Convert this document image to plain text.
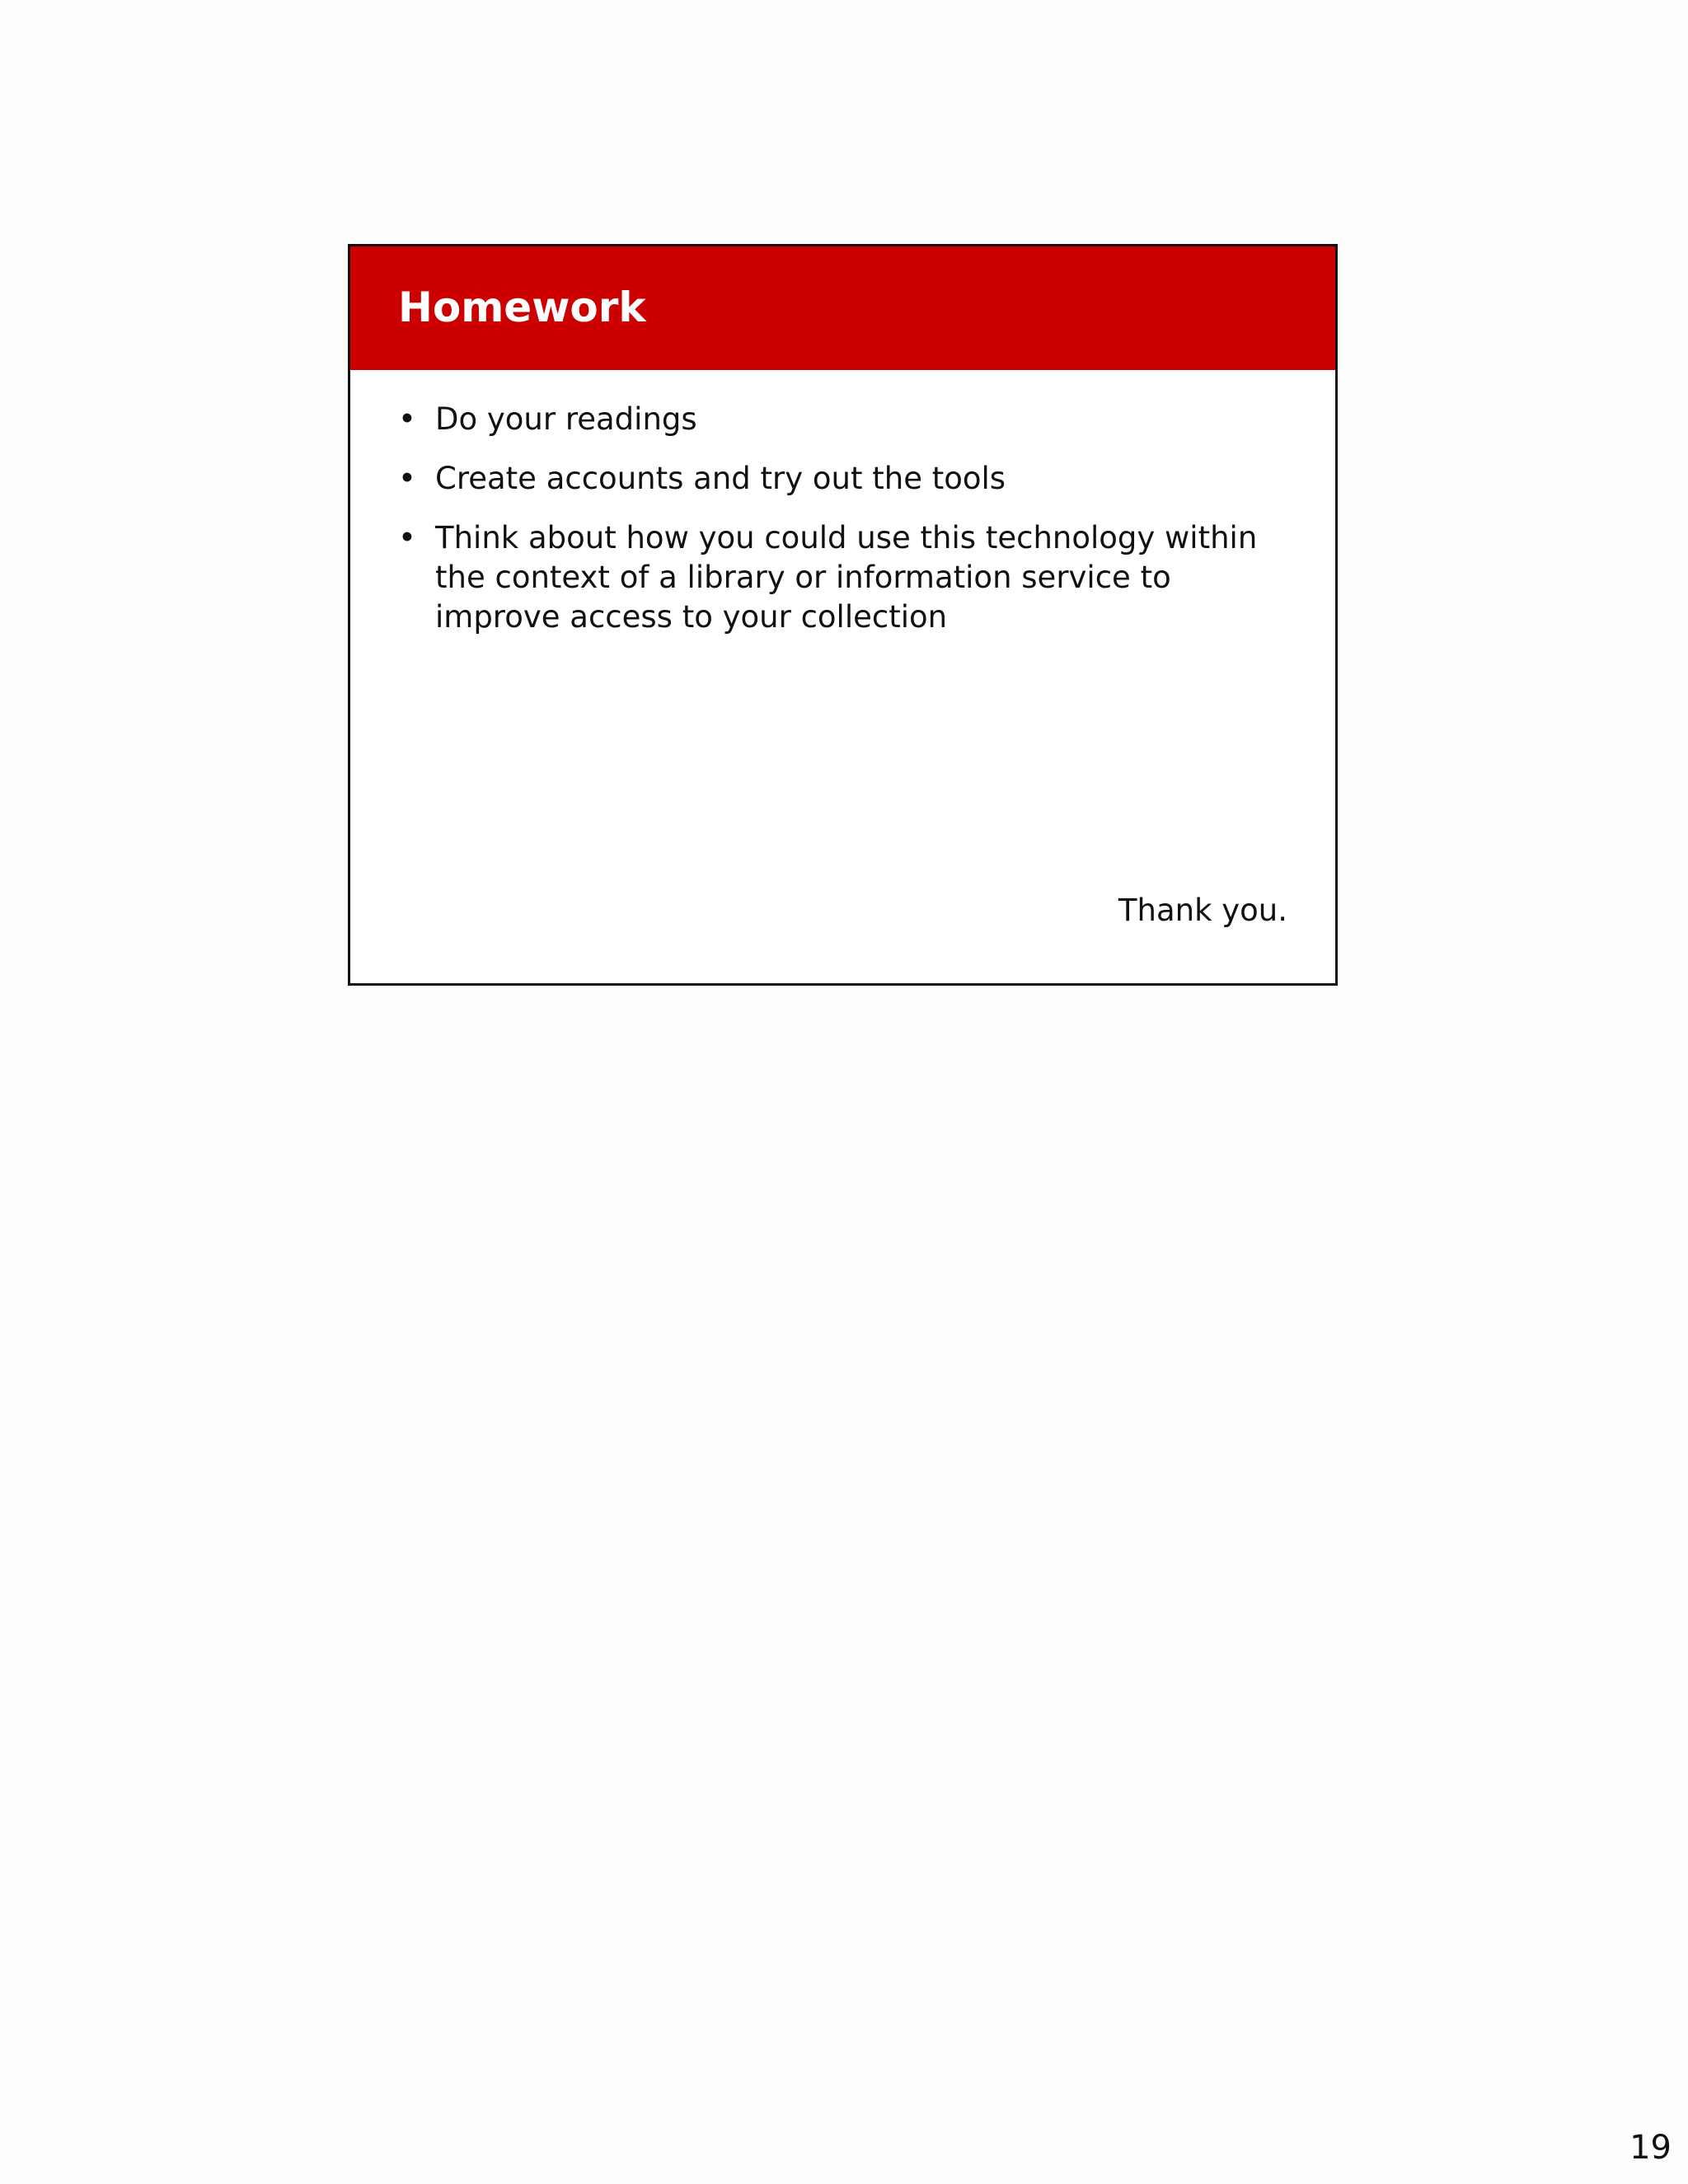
Homework
• Do your readings
• Create accounts and try out the tools
• Think about how you could use this technology within the context of a library or information service to improve access to your collection

Thank you.

19
